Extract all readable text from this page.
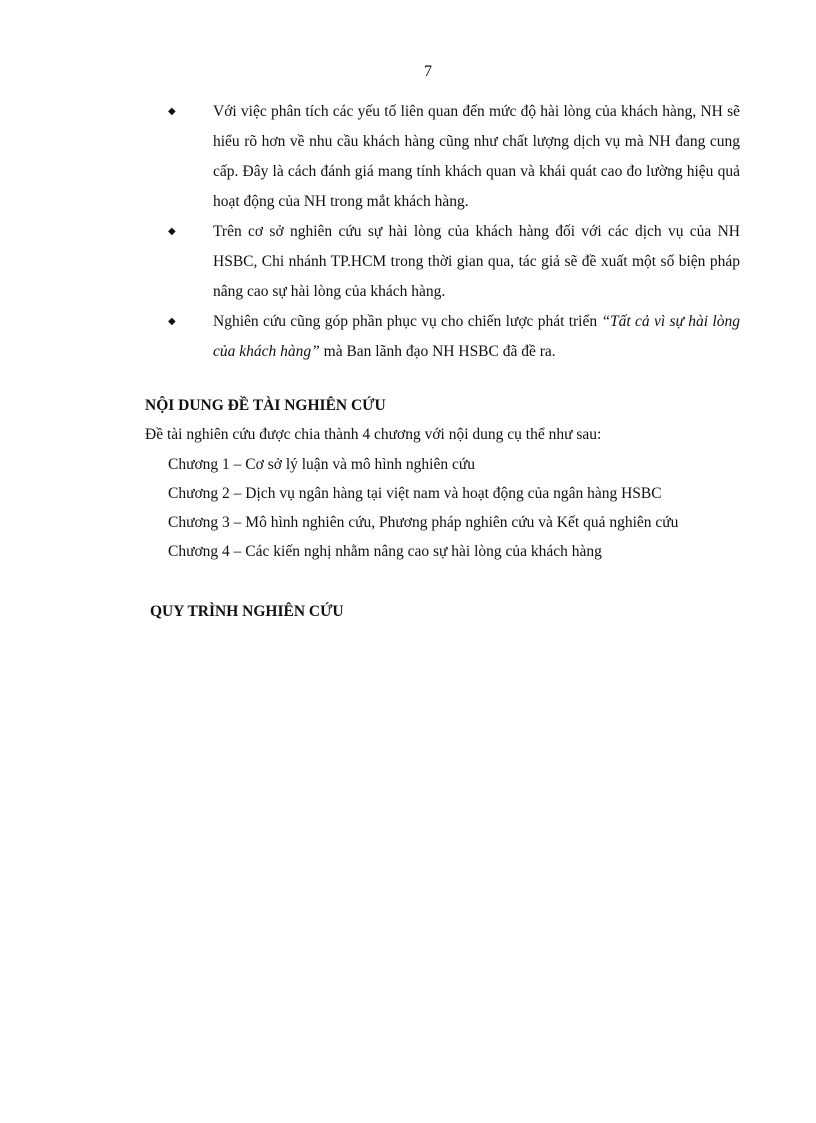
7
◆ Với việc phân tích các yếu tố liên quan đến mức độ hài lòng của khách hàng, NH sẽ hiểu rõ hơn về nhu cầu khách hàng cũng như chất lượng dịch vụ mà NH đang cung cấp. Đây là cách đánh giá mang tính khách quan và khái quát cao đo lường hiệu quả hoạt động của NH trong mắt khách hàng.
◆ Trên cơ sở nghiên cứu sự hài lòng của khách hàng đối với các dịch vụ của NH HSBC, Chi nhánh TP.HCM trong thời gian qua, tác giả sẽ đề xuất một số biện pháp nâng cao sự hài lòng của khách hàng.
◆ Nghiên cứu cũng góp phần phục vụ cho chiến lược phát triển “Tất cả vì sự hài lòng của khách hàng” mà Ban lãnh đạo NH HSBC đã đề ra.
NỘI DUNG ĐỀ TÀI NGHIÊN CỨU
Đề tài nghiên cứu được chia thành 4 chương với nội dung cụ thể như sau:
Chương 1 – Cơ sở lý luận và mô hình nghiên cứu
Chương 2 – Dịch vụ ngân hàng tại việt nam và hoạt động của ngân hàng HSBC
Chương 3 – Mô hình nghiên cứu, Phương pháp nghiên cứu và Kết quả nghiên cứu
Chương 4 – Các kiến nghị nhằm nâng cao sự hài lòng của khách hàng
QUY TRÌNH NGHIÊN CỨU
